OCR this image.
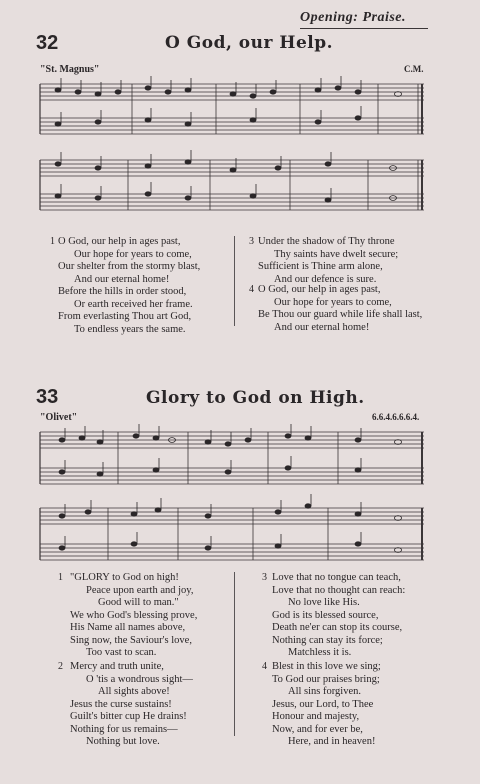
Opening: Praise.
32	O God, our Help.
"St. Magnus"	C.M.
1 O God, our help in ages past,
Our hope for years to come,
Our shelter from the stormy blast,
And our eternal home!
Before the hills in order stood,
Or earth received her frame.
From everlasting Thou art God,
To endless years the same.
3 Under the shadow of Thy throne
Thy saints have dwelt secure;
Sufficient is Thine arm alone,
And our defence is sure.
4 O God, our help in ages past,
Our hope for years to come,
Be Thou our guard while life shall last,
And our eternal home!
33	Glory to God on High.
"Olivet"	6.6.4.6.6.6.4.
1 "GLORY to God on high!
Peace upon earth and joy,
Good will to man."
We who God's blessing prove,
His Name all names above,
Sing now, the Saviour's love,
Too vast to scan.
2 Mercy and truth unite,
O 'tis a wondrous sight—
All sights above!
Jesus the curse sustains!
Guilt's bitter cup He drains!
Nothing for us remains—
Nothing but love.
3 Love that no tongue can teach,
Love that no thought can reach:
No love like His.
God is its blessed source,
Death ne'er can stop its course,
Nothing can stay its force;
Matchless it is.
4 Blest in this love we sing;
To God our praises bring;
All sins forgiven.
Jesus, our Lord, to Thee
Honour and majesty,
Now, and for ever be,
Here, and in heaven!
